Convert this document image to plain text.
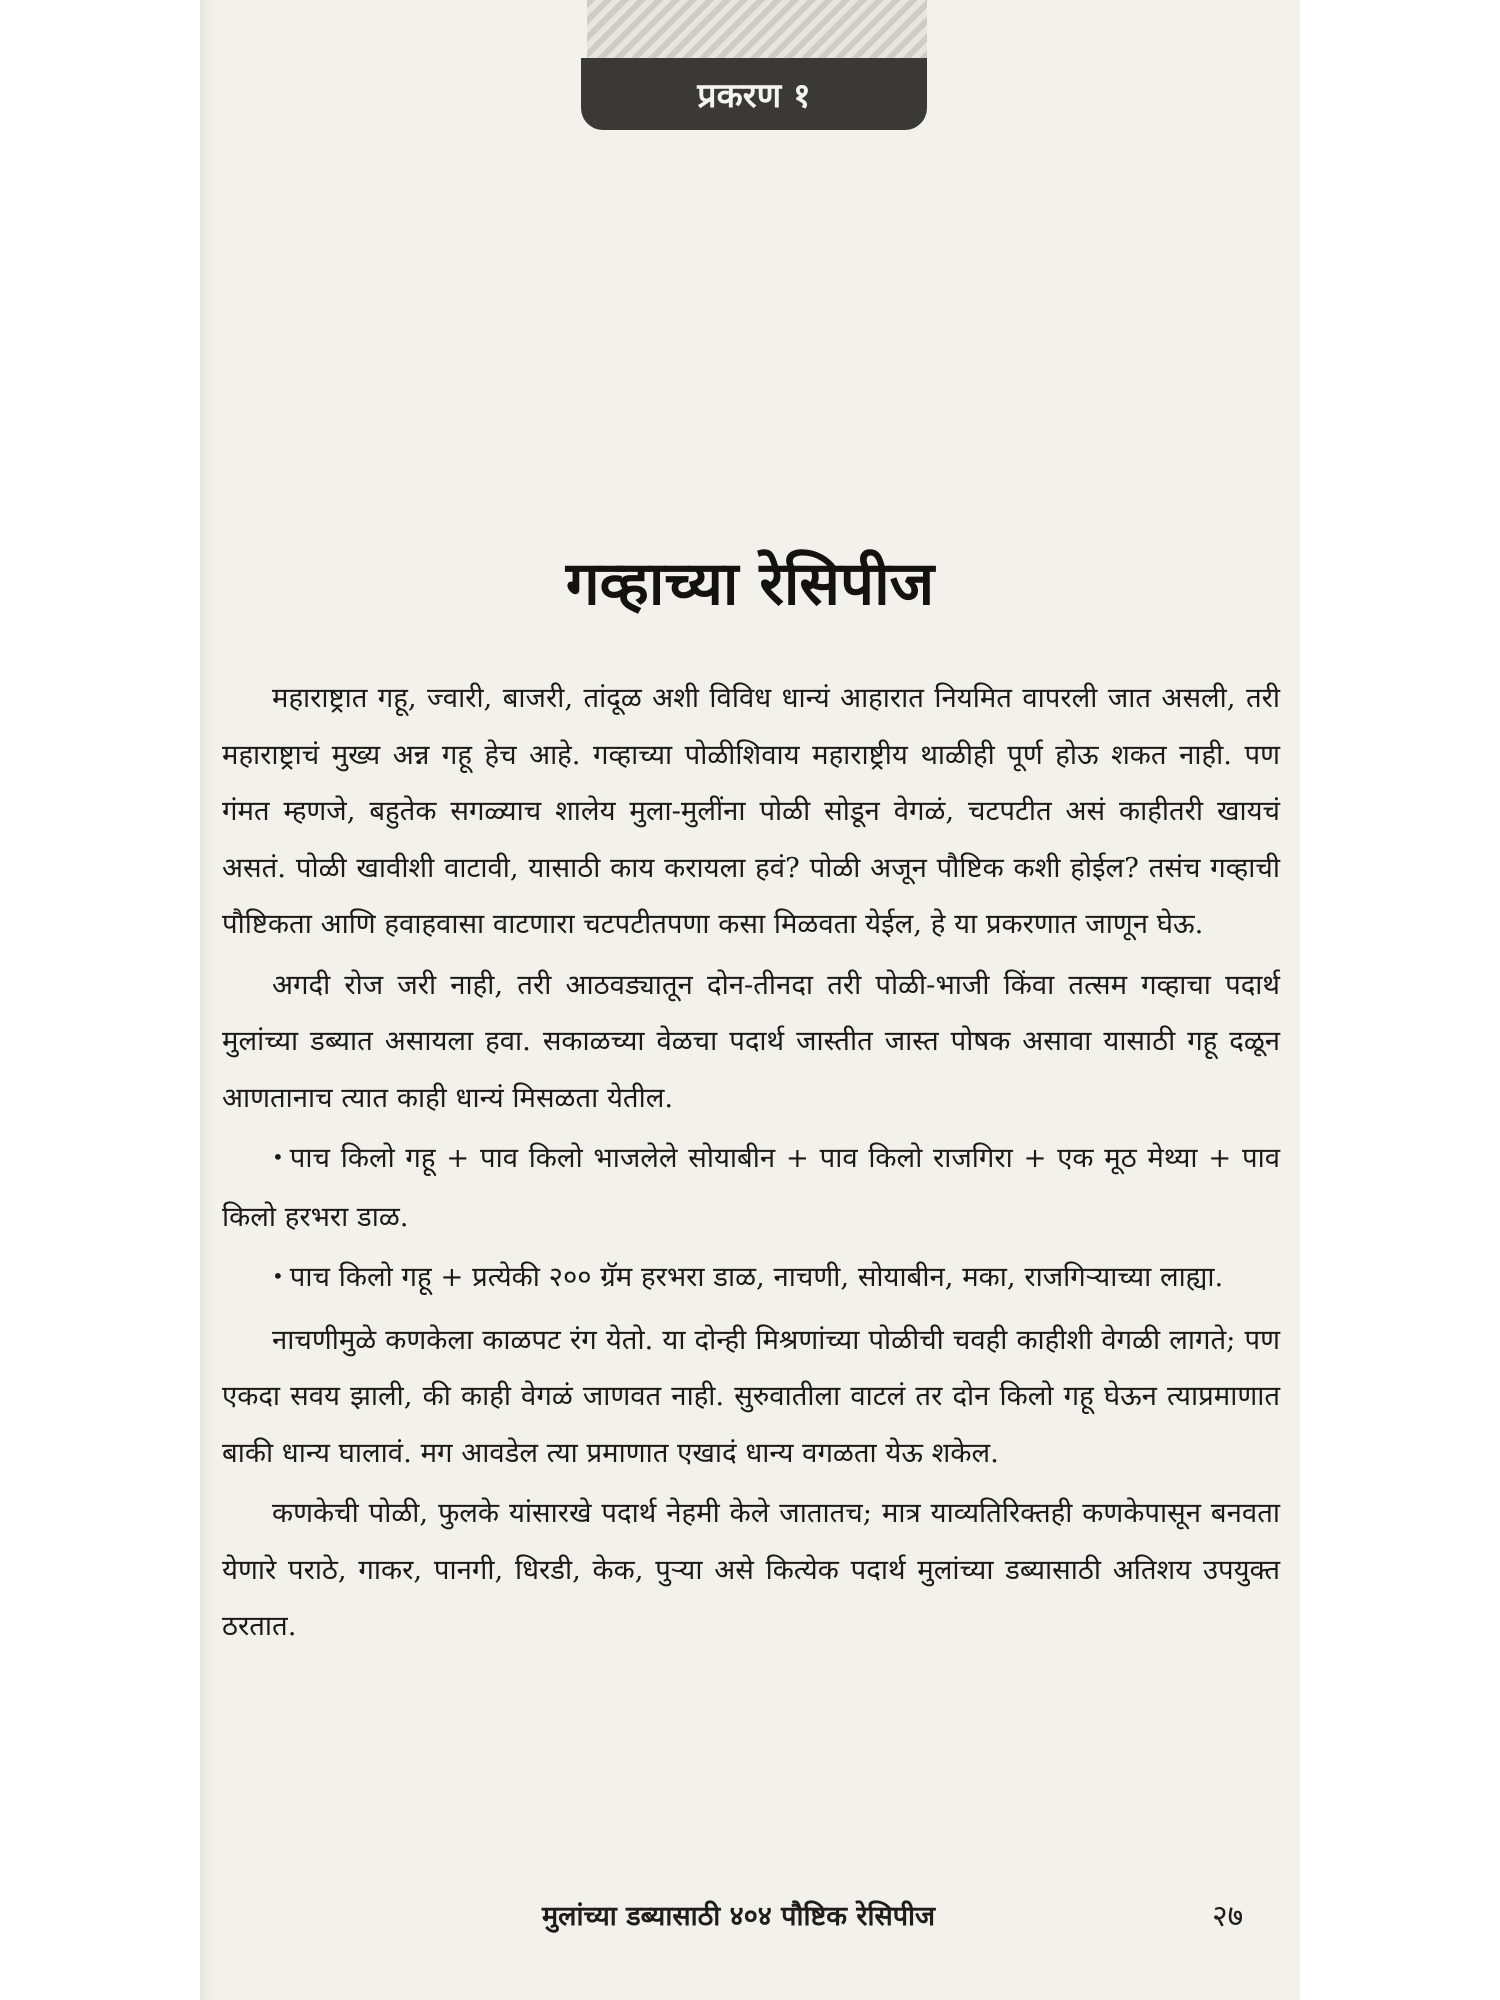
प्रकरण १
गव्हाच्या रेसिपीज

महाराष्ट्रात गहू, ज्वारी, बाजरी, तांदूळ अशी विविध धान्यं आहारात नियमित वापरली जात असली, तरी महाराष्ट्राचं मुख्य अन्न गहू हेच आहे. गव्हाच्या पोळीशिवाय महाराष्ट्रीय थाळीही पूर्ण होऊ शकत नाही. पण गंमत म्हणजे, बहुतेक सगळ्याच शालेय मुला-मुलींना पोळी सोडून वेगळं, चटपटीत असं काहीतरी खायचं असतं. पोळी खावीशी वाटावी, यासाठी काय करायला हवं? पोळी अजून पौष्टिक कशी होईल? तसंच गव्हाची पौष्टिकता आणि हवाहवासा वाटणारा चटपटीतपणा कसा मिळवता येईल, हे या प्रकरणात जाणून घेऊ.

अगदी रोज जरी नाही, तरी आठवड्यातून दोन-तीनदा तरी पोळी-भाजी किंवा तत्सम गव्हाचा पदार्थ मुलांच्या डब्यात असायला हवा. सकाळच्या वेळचा पदार्थ जास्तीत जास्त पोषक असावा यासाठी गहू दळून आणतानाच त्यात काही धान्यं मिसळता येतील.

• पाच किलो गहू + पाव किलो भाजलेले सोयाबीन + पाव किलो राजगिरा + एक मूठ मेथ्या + पाव किलो हरभरा डाळ.

• पाच किलो गहू + प्रत्येकी २०० ग्रॅम हरभरा डाळ, नाचणी, सोयाबीन, मका, राजगिऱ्याच्या लाह्या.

नाचणीमुळे कणकेला काळपट रंग येतो. या दोन्ही मिश्रणांच्या पोळीची चवही काहीशी वेगळी लागते; पण एकदा सवय झाली, की काही वेगळं जाणवत नाही. सुरुवातीला वाटलं तर दोन किलो गहू घेऊन त्याप्रमाणात बाकी धान्य घालावं. मग आवडेल त्या प्रमाणात एखादं धान्य वगळता येऊ शकेल.

कणकेची पोळी, फुलके यांसारखे पदार्थ नेहमी केले जातातच; मात्र याव्यतिरिक्तही कणकेपासून बनवता येणारे पराठे, गाकर, पानगी, धिरडी, केक, पुऱ्या असे कित्येक पदार्थ मुलांच्या डब्यासाठी अतिशय उपयुक्त ठरतात.

मुलांच्या डब्यासाठी ४०४ पौष्टिक रेसिपीज	२७
